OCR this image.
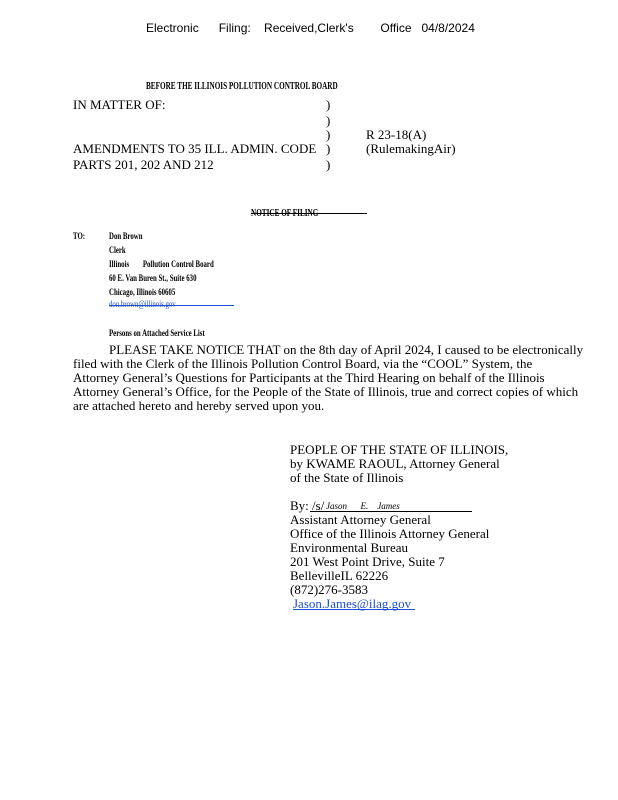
Electronic      Filing:    Received,Clerk's        Office   04/8/2024
BEFORE THE ILLINOIS POLLUTION CONTROL BOARD
IN MATTER OF:
AMENDMENTS TO 35 ILL. ADMIN. CODE
PARTS 201, 202 AND 212
)
)
)
)
)
R 23-18(A)
(RulemakingAir)
NOTICE OF FILING
TO:	Don Brown
Clerk
Illinois        Pollution Control Board
60 E. Van Buren St., Suite 630
Chicago, Illinois 60605
don.brown@illinois.gov
Persons on Attached Service List
PLEASE TAKE NOTICE THAT on the 8th day of April 2024, I caused to be electronically
filed with the Clerk of the Illinois Pollution Control Board, via the “COOL” System, the
Attorney General’s Questions for Participants at the Third Hearing on behalf of the Illinois
Attorney General’s Office, for the People of the State of Illinois, true and correct copies of which
are attached hereto and hereby served upon you.
PEOPLE OF THE STATE OF ILLINOIS,
by KWAME RAOUL, Attorney General
of the State of Illinois
By: /s/ Jason      E.    James
Assistant Attorney General
Office of the Illinois Attorney General
Environmental Bureau
201 West Point Drive, Suite 7
BellevilleIL 62226
(872)276-3583
Jason.James@ilag.gov
